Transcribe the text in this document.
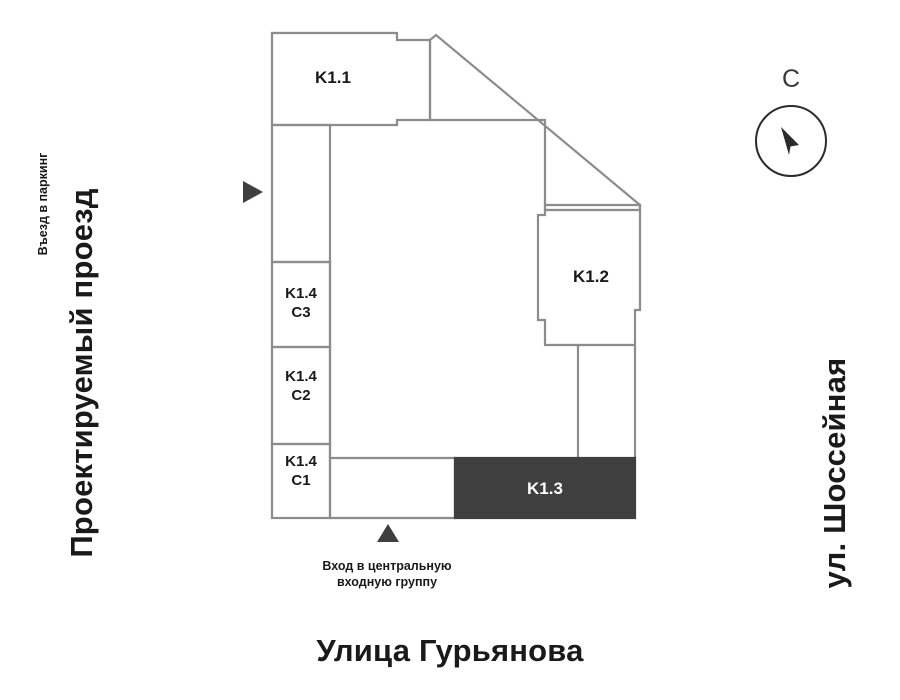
Проектируемый проезд	ул. Шоссейная
Улица Гурьянова
Въезд в паркинг
Вход в центральную
входную группу
С
K1.1
K1.2
K1.3
K1.4
С3
K1.4
С2
K1.4
С1
